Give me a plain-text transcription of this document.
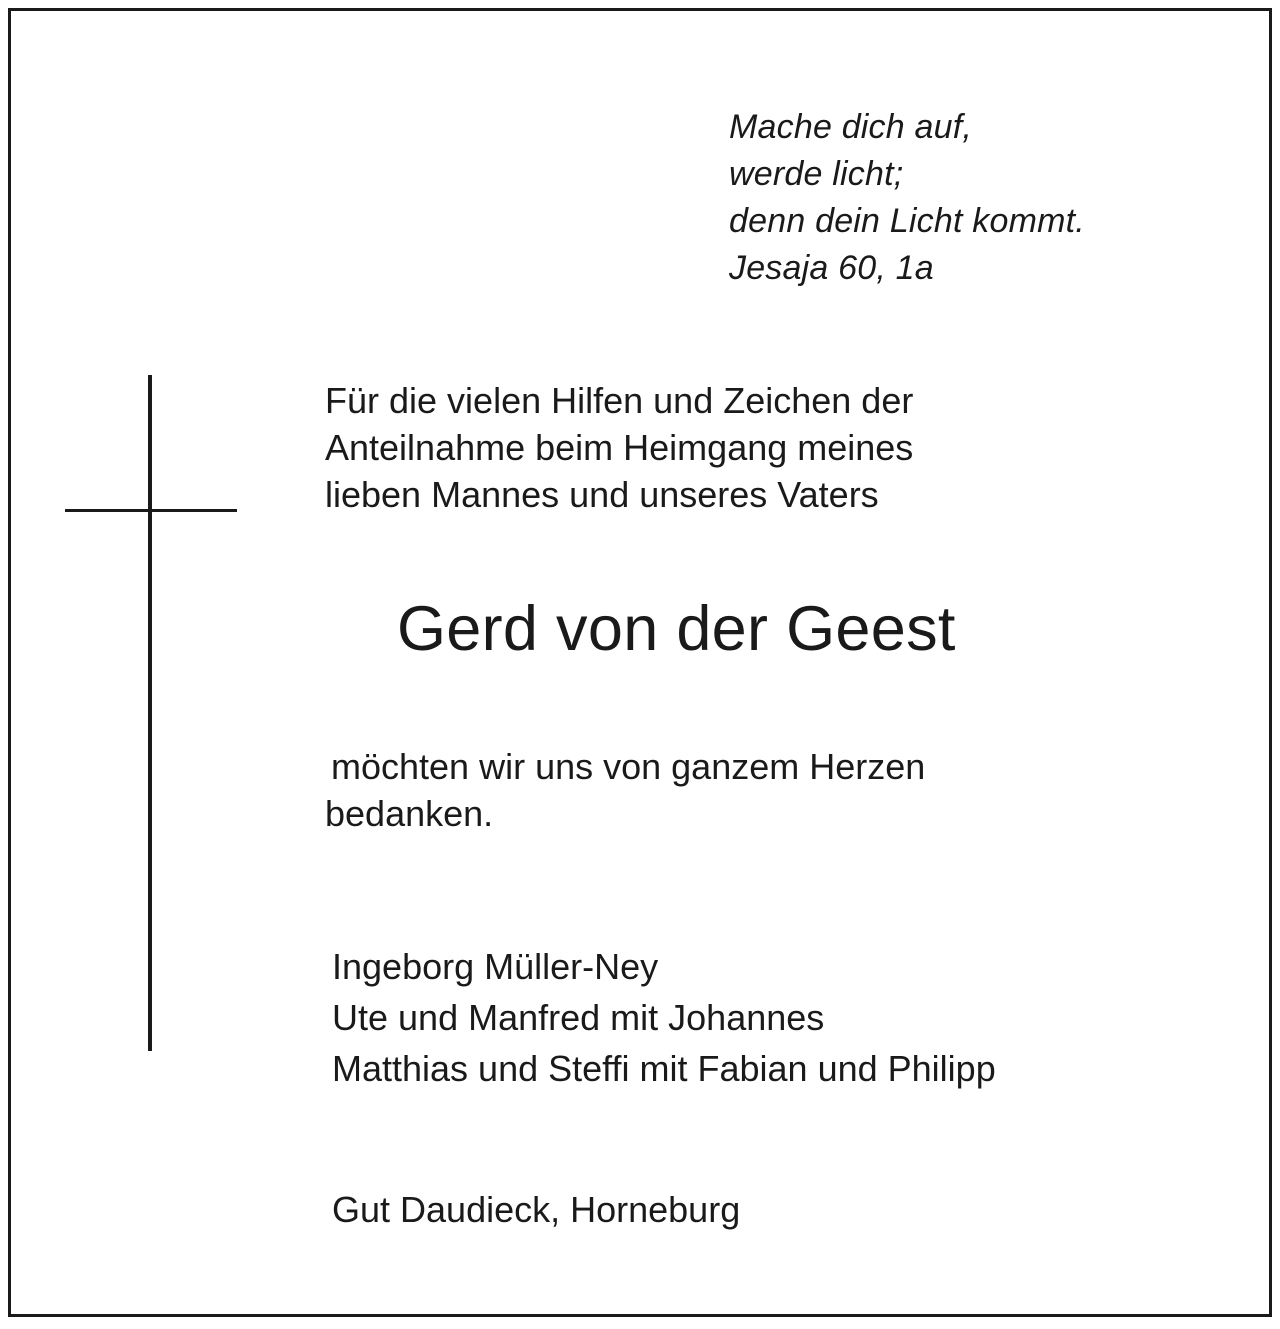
Mache dich auf,
werde licht;
denn dein Licht kommt.
Jesaja 60, 1a
Für die vielen Hilfen und Zeichen der
Anteilnahme beim Heimgang meines
lieben Mannes und unseres Vaters
Gerd von der Geest
möchten wir uns von ganzem Herzen
bedanken.
Ingeborg Müller-Ney
Ute und Manfred mit Johannes
Matthias und Steffi mit Fabian und Philipp
Gut Daudieck, Horneburg
